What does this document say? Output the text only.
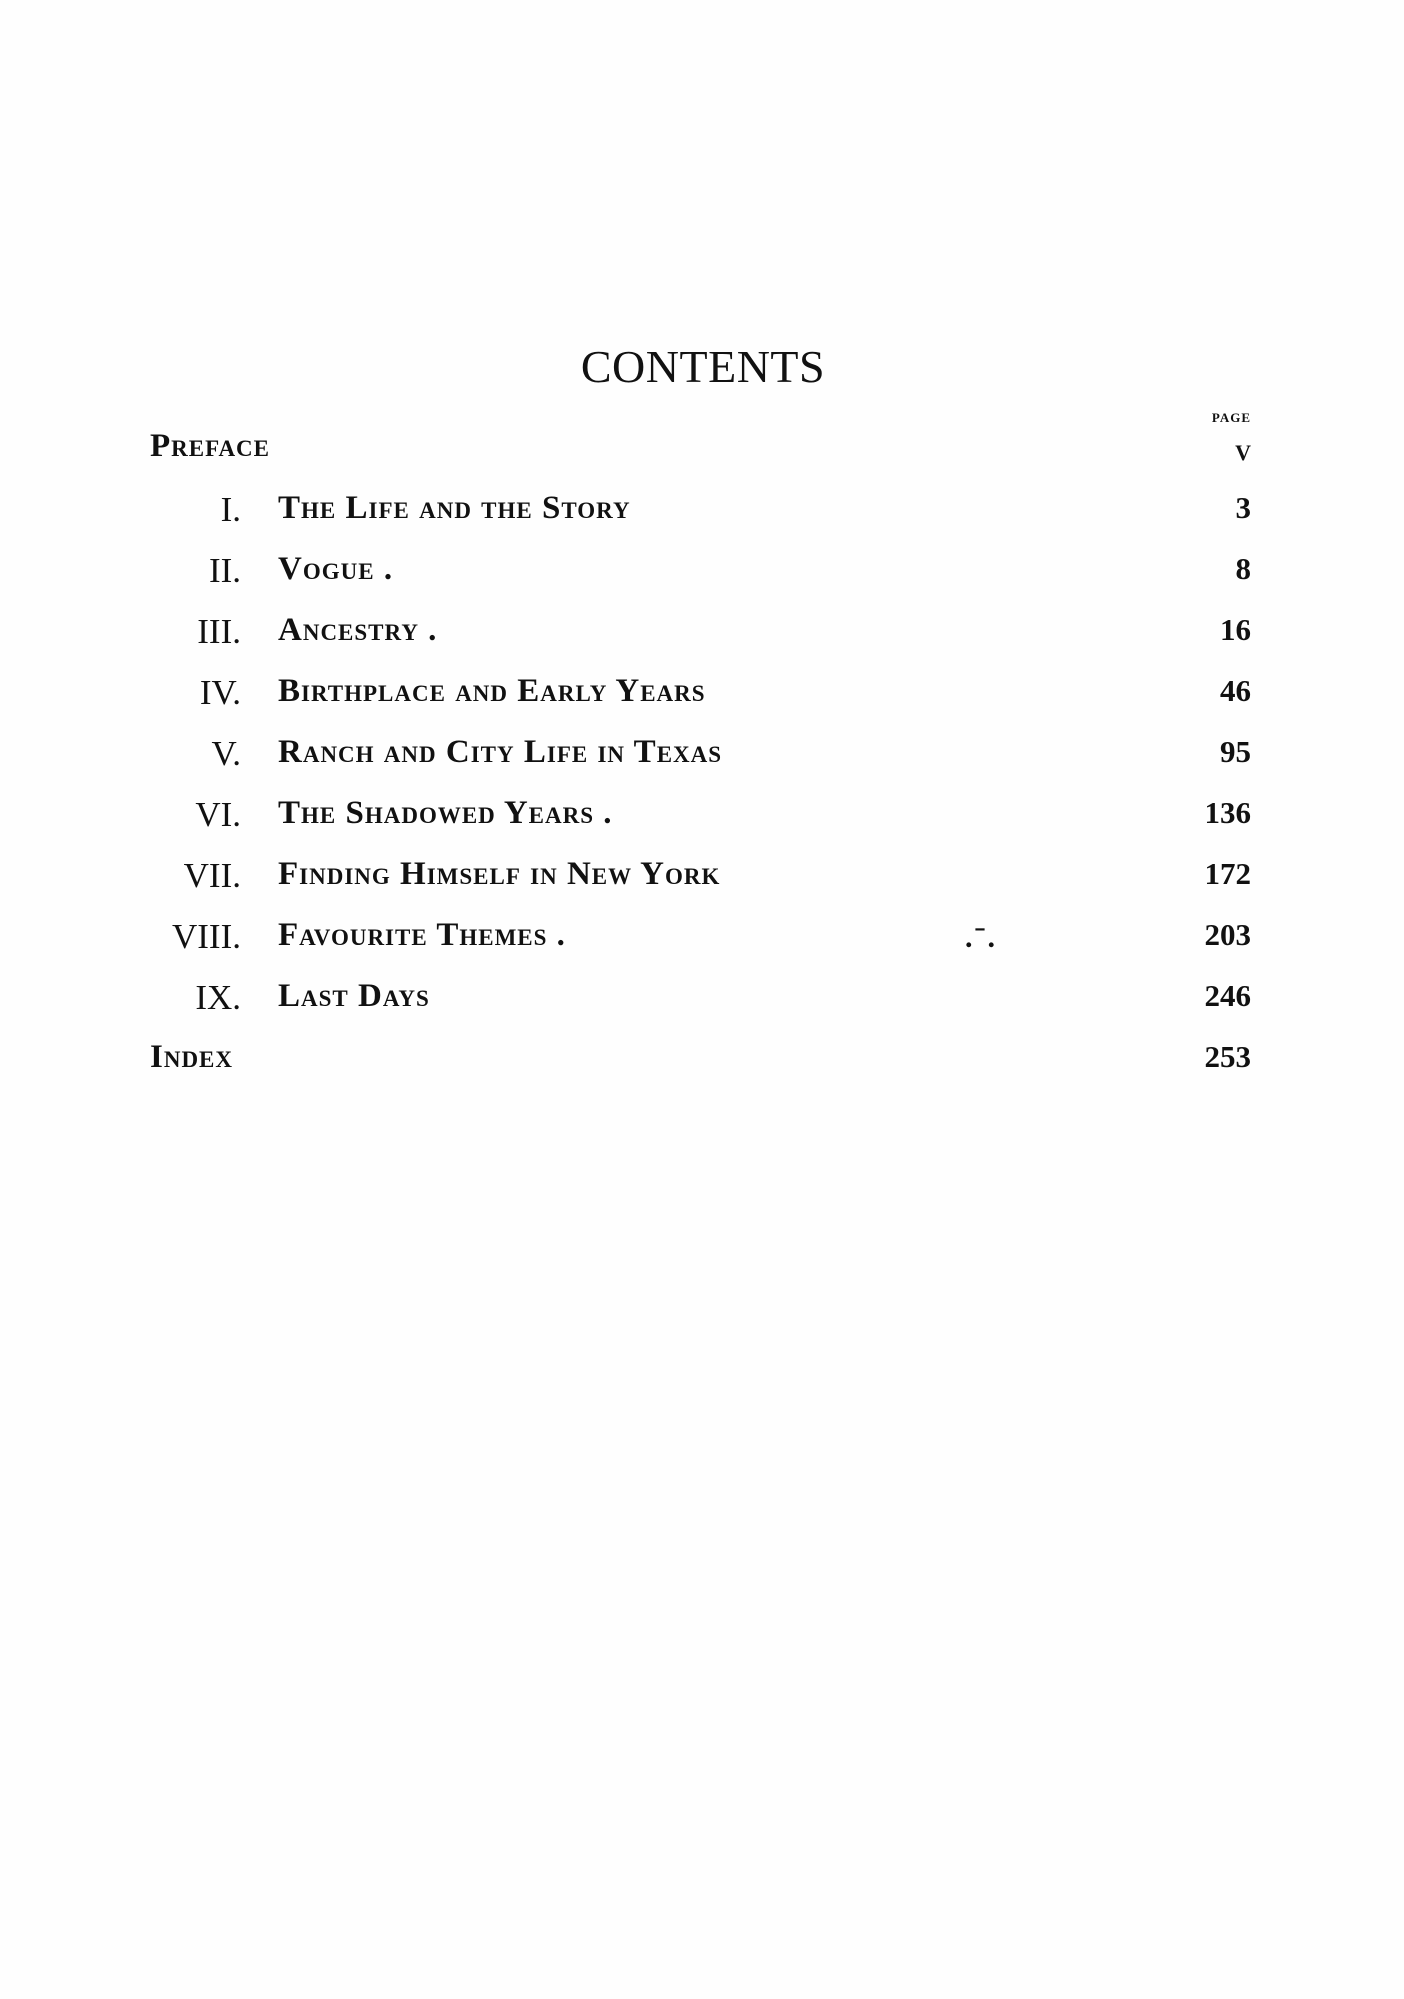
CONTENTS
PAGE
Preface	v
I. The Life and the Story	3
II. Vogue .	8
III. Ancestry .	16
IV. Birthplace and Early Years	46
V. Ranch and City Life in Texas	95
VI. The Shadowed Years .	136
VII. Finding Himself in New York	172
VIII. Favourite Themes .	. ̄ .	203
IX. Last Days	246
Index	253
